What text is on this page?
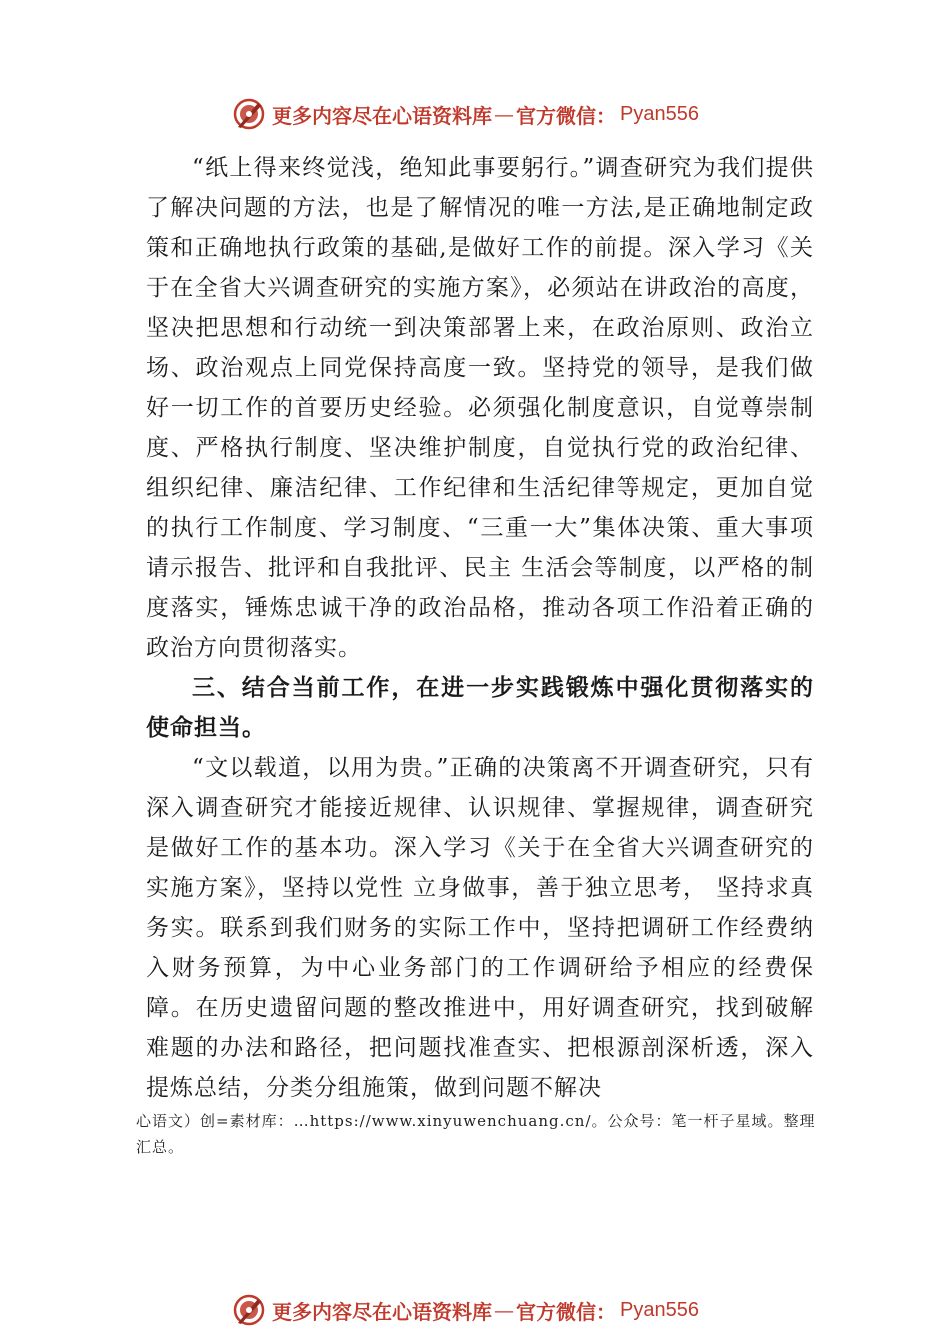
更多内容尽在心语资料库 — 官方微信： Pyan556

“纸上得来终觉浅，绝知此事要躬行。”调查研究为我们提供了解决问题的方法，也是了解情况的唯一方法,是正确地制定政策和正确地执行政策的基础,是做好工作的前提。深入学习《关于在全省大兴调查研究的实施方案》，必须站在讲政治的高度，坚决把思想和行动统一到决策部署上来，在政治原则、政治立场、政治观点上同党保持高度一致。坚持党的领导，是我们做好一切工作的首要历史经验。必须强化制度意识，自觉尊崇制度、严格执行制度、坚决维护制度，自觉执行党的政治纪律、组织纪律、廉洁纪律、工作纪律和生活纪律等规定，更加自觉的执行工作制度、学习制度、“三重一大”集体决策、重大事项请示报告、批评和自我批评、民主 生活会等制度，以严格的制度落实，锤炼忠诚干净的政治品格，推动各项工作沿着正确的政治方向贯彻落实。

三、结合当前工作，在进一步实践锻炼中强化贯彻落实的使命担当。

“文以载道，以用为贵。”正确的决策离不开调查研究，只有深入调查研究才能接近规律、认识规律、掌握规律，调查研究是做好工作的基本功。深入学习《关于在全省大兴调查研究的实施方案》，坚持以党性 立身做事，善于独立思考， 坚持求真务实。联系到我们财务的实际工作中，坚持把调研工作经费纳入财务预算，为中心业务部门的工作调研给予相应的经费保障。在历史遗留问题的整改推进中，用好调查研究，找到破解难题的办法和路径，把问题找准查实、把根源剖深析透，深入提炼总结，分类分组施策，做到问题不解决

心语文）创=素材库：…https://www.xinyuwenchuang.cn/。公众号：笔一杆子星域。整理汇总。
更多内容尽在心语资料库 — 官方微信： Pyan556
